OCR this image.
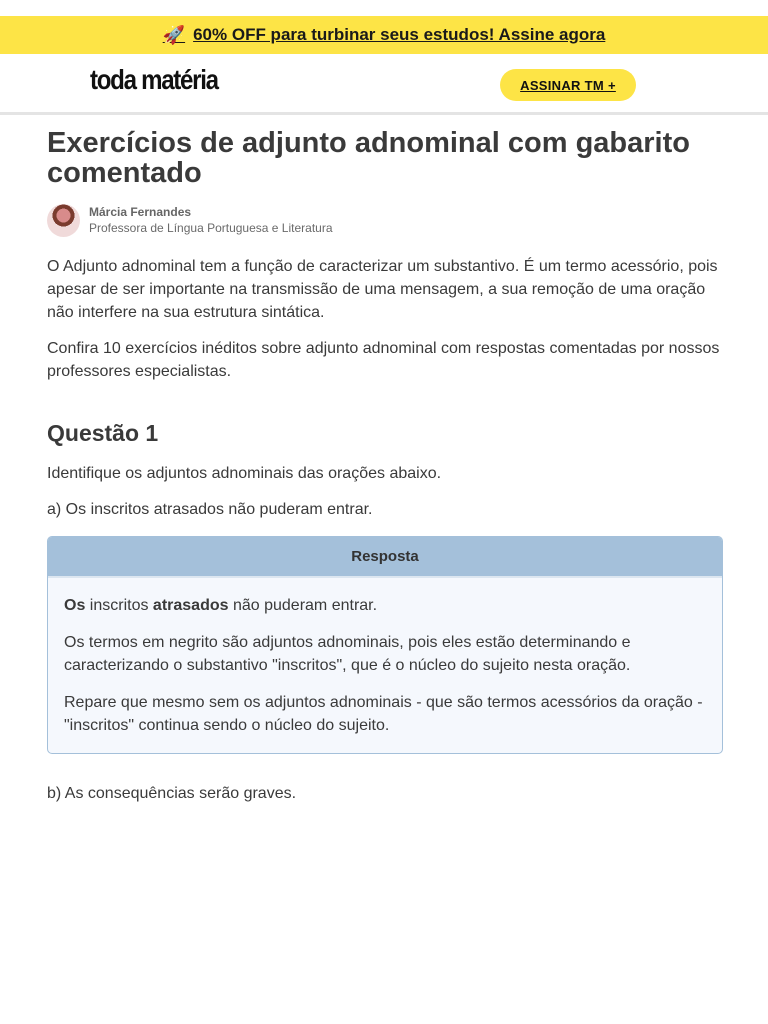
🚀 60% OFF para turbinar seus estudos! Assine agora
toda matéria	ASSINAR TM +
Exercícios de adjunto adnominal com gabarito comentado
Márcia Fernandes
Professora de Língua Portuguesa e Literatura

O Adjunto adnominal tem a função de caracterizar um substantivo. É um termo acessório, pois apesar de ser importante na transmissão de uma mensagem, a sua remoção de uma oração não interfere na sua estrutura sintática.

Confira 10 exercícios inéditos sobre adjunto adnominal com respostas comentadas por nossos professores especialistas.

Questão 1

Identifique os adjuntos adnominais das orações abaixo.

a) Os inscritos atrasados não puderam entrar.

Resposta

Os inscritos atrasados não puderam entrar.

Os termos em negrito são adjuntos adnominais, pois eles estão determinando e caracterizando o substantivo "inscritos", que é o núcleo do sujeito nesta oração.

Repare que mesmo sem os adjuntos adnominais - que são termos acessórios da oração - "inscritos" continua sendo o núcleo do sujeito.

b) As consequências serão graves.
